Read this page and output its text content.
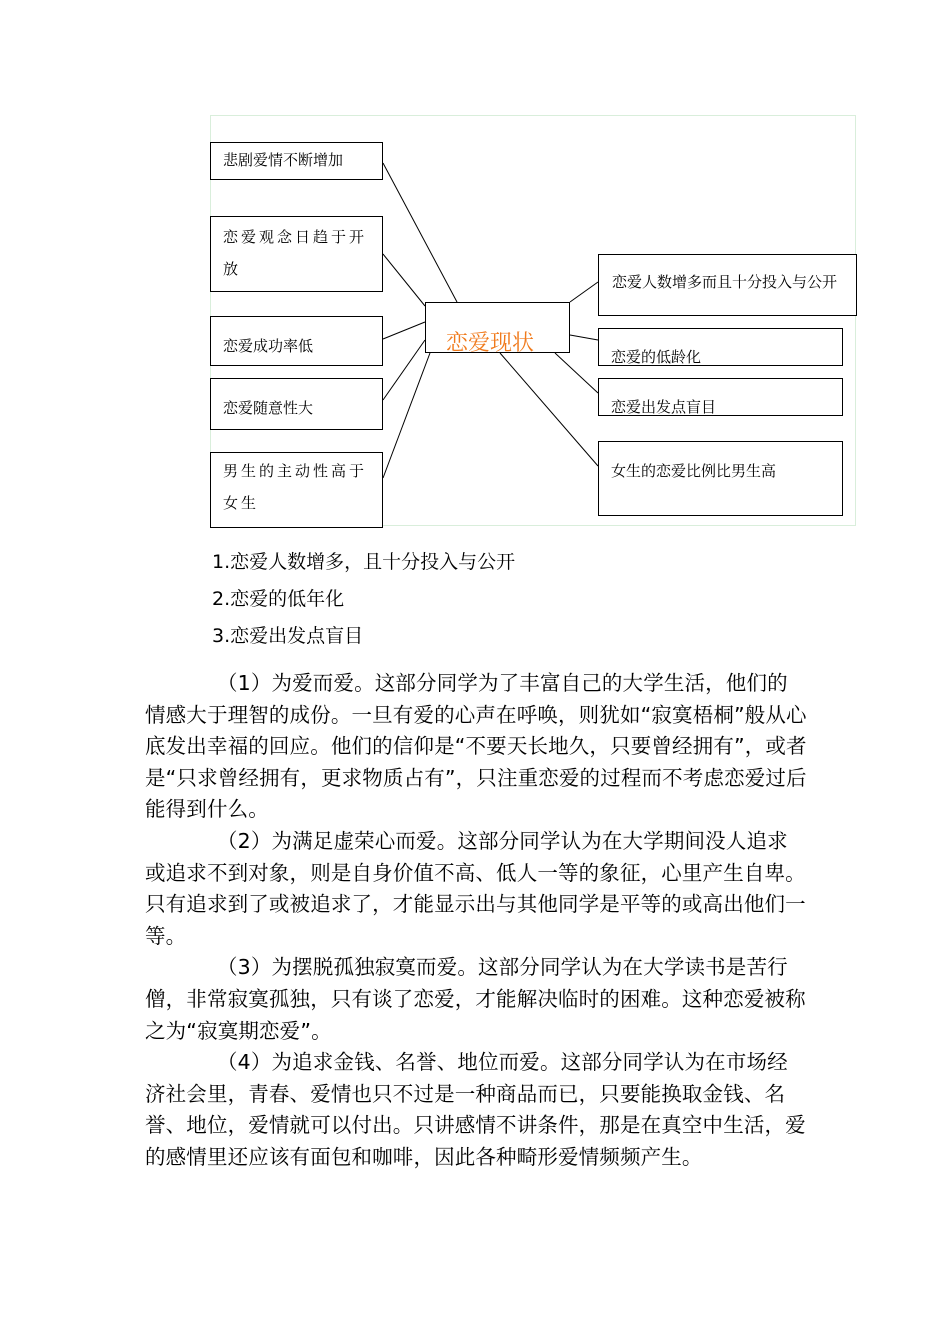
恋爱现状
悲剧爱情不断增加
恋爱观念日趋于开放
恋爱成功率低
恋爱随意性大
男生的主动性高于女生
恋爱人数增多而且十分投入与公开
恋爱的低龄化
恋爱出发点盲目
女生的恋爱比例比男生高
1.恋爱人数增多，且十分投入与公开
2.恋爱的低年化
3.恋爱出发点盲目

（1）为爱而爱。这部分同学为了丰富自己的大学生活，他们的情感大于理智的成份。一旦有爱的心声在呼唤，则犹如“寂寞梧桐”般从心底发出幸福的回应。他们的信仰是“不要天长地久，只要曾经拥有”，或者是“只求曾经拥有，更求物质占有”，只注重恋爱的过程而不考虑恋爱过后能得到什么。

（2）为满足虚荣心而爱。这部分同学认为在大学期间没人追求或追求不到对象，则是自身价值不高、低人一等的象征，心里产生自卑。只有追求到了或被追求了，才能显示出与其他同学是平等的或高出他们一等。

（3）为摆脱孤独寂寞而爱。这部分同学认为在大学读书是苦行僧，非常寂寞孤独，只有谈了恋爱，才能解决临时的困难。这种恋爱被称之为“寂寞期恋爱”。

（4）为追求金钱、名誉、地位而爱。这部分同学认为在市场经济社会里，青春、爱情也只不过是一种商品而已，只要能换取金钱、名誉、地位，爱情就可以付出。只讲感情不讲条件，那是在真空中生活，爱的感情里还应该有面包和咖啡，因此各种畸形爱情频频产生。
